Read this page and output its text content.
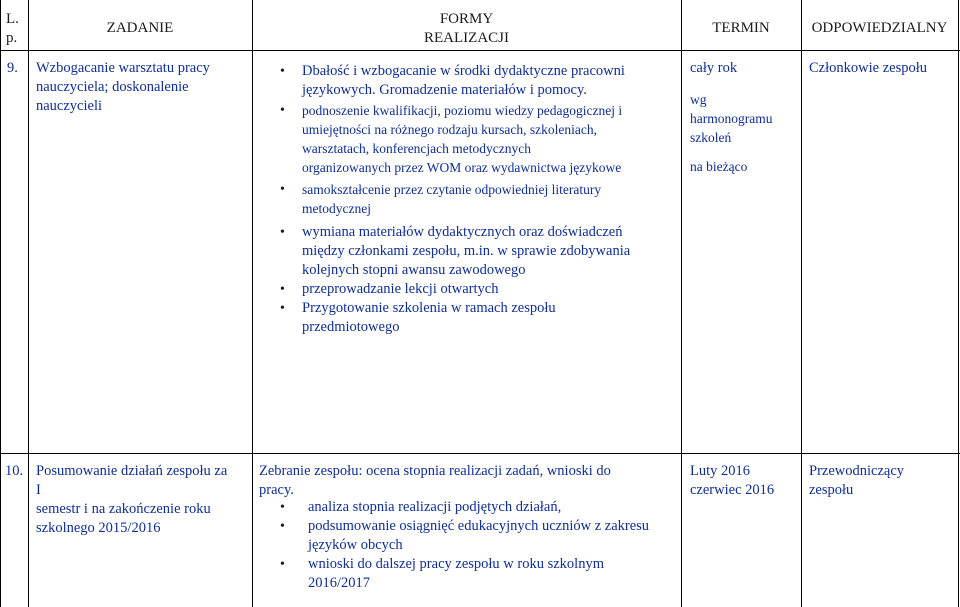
L.
p.
ZADANIE
FORMY
REALIZACJI
TERMIN	ODPOWIEDZIALNY
9. Wzbogacanie warsztatu pracy
nauczyciela; doskonalenie
nauczycieli
• Dbałość i wzbogacanie w środki dydaktyczne pracowni
językowych. Gromadzenie materiałów i pomocy.
• podnoszenie kwalifikacji, poziomu wiedzy pedagogicznej i
umiejętności na różnego rodzaju kursach, szkoleniach,
warsztatach, konferencjach metodycznych
organizowanych przez WOM oraz wydawnictwa językowe
• samokształcenie przez czytanie odpowiedniej literatury
metodycznej
• wymiana materiałów dydaktycznych oraz doświadczeń
między członkami zespołu, m.in. w sprawie zdobywania
kolejnych stopni awansu zawodowego
• przeprowadzanie lekcji otwartych
• Przygotowanie szkolenia w ramach zespołu
przedmiotowego
cały rok
wg
harmonogramu
szkoleń
na bieżąco
Członkowie zespołu
10. Posumowanie działań zespołu za
I
semestr i na zakończenie roku
szkolnego 2015/2016
Zebranie zespołu: ocena stopnia realizacji zadań, wnioski do
pracy.
• analiza stopnia realizacji podjętych działań,
• podsumowanie osiągnięć edukacyjnych uczniów z zakresu
języków obcych
• wnioski do dalszej pracy zespołu w roku szkolnym
2016/2017
Luty 2016
czerwiec 2016
Przewodniczący
zespołu
